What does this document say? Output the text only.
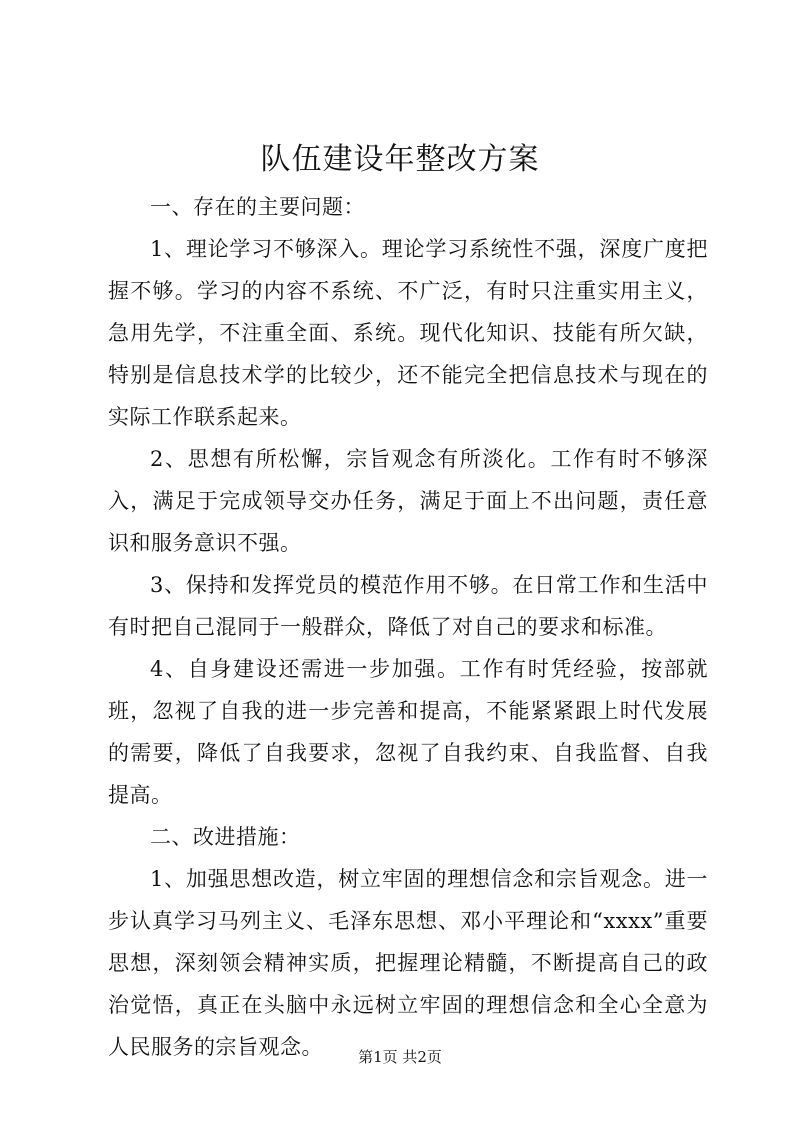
队伍建设年整改方案

一、存在的主要问题：

1、理论学习不够深入。理论学习系统性不强，深度广度把握不够。学习的内容不系统、不广泛，有时只注重实用主义，急用先学，不注重全面、系统。现代化知识、技能有所欠缺，特别是信息技术学的比较少，还不能完全把信息技术与现在的实际工作联系起来。

2、思想有所松懈，宗旨观念有所淡化。工作有时不够深入，满足于完成领导交办任务，满足于面上不出问题，责任意识和服务意识不强。

3、保持和发挥党员的模范作用不够。在日常工作和生活中有时把自己混同于一般群众，降低了对自己的要求和标准。

4、自身建设还需进一步加强。工作有时凭经验，按部就班，忽视了自我的进一步完善和提高，不能紧紧跟上时代发展的需要，降低了自我要求，忽视了自我约束、自我监督、自我提高。

二、改进措施：

1、加强思想改造，树立牢固的理想信念和宗旨观念。进一步认真学习马列主义、毛泽东思想、邓小平理论和“xxxx”重要思想，深刻领会精神实质，把握理论精髓，不断提高自己的政治觉悟，真正在头脑中永远树立牢固的理想信念和全心全意为人民服务的宗旨观念。	第1页 共2页
